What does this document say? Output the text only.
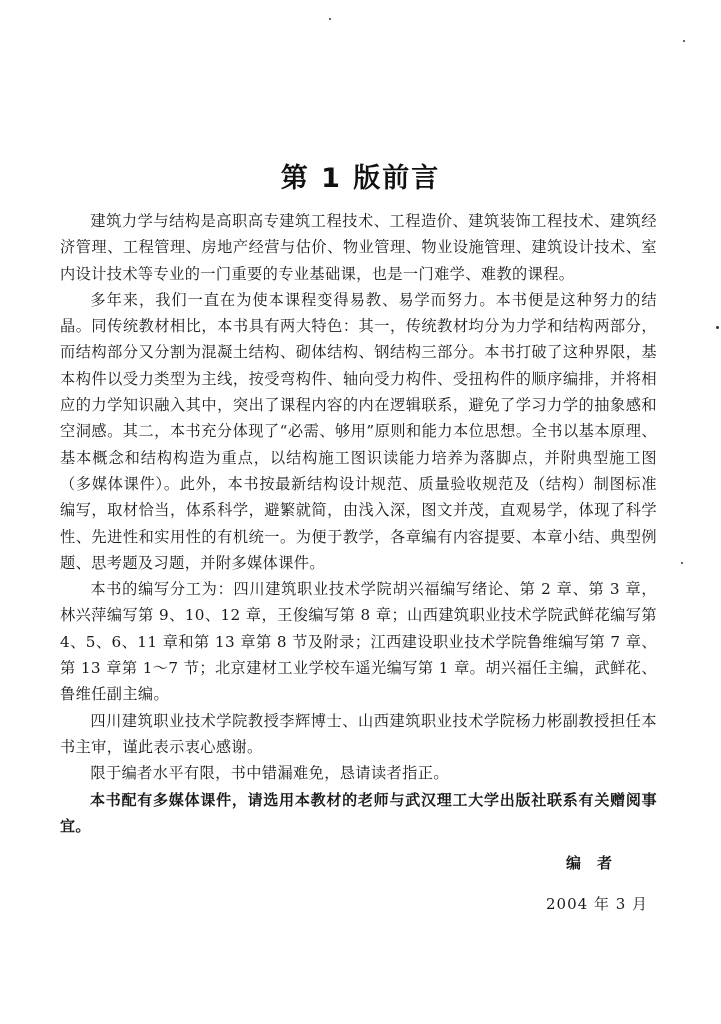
第 1 版前言

建筑力学与结构是高职高专建筑工程技术、工程造价、建筑装饰工程技术、建筑经济管理、工程管理、房地产经营与估价、物业管理、物业设施管理、建筑设计技术、室内设计技术等专业的一门重要的专业基础课，也是一门难学、难教的课程。

多年来，我们一直在为使本课程变得易教、易学而努力。本书便是这种努力的结晶。同传统教材相比，本书具有两大特色：其一，传统教材均分为力学和结构两部分，而结构部分又分割为混凝土结构、砌体结构、钢结构三部分。本书打破了这种界限，基本构件以受力类型为主线，按受弯构件、轴向受力构件、受扭构件的顺序编排，并将相应的力学知识融入其中，突出了课程内容的内在逻辑联系，避免了学习力学的抽象感和空洞感。其二，本书充分体现了“必需、够用”原则和能力本位思想。全书以基本原理、基本概念和结构构造为重点，以结构施工图识读能力培养为落脚点，并附典型施工图（多媒体课件）。此外，本书按最新结构设计规范、质量验收规范及（结构）制图标准编写，取材恰当，体系科学，避繁就简，由浅入深，图文并茂，直观易学，体现了科学性、先进性和实用性的有机统一。为便于教学，各章编有内容提要、本章小结、典型例题、思考题及习题，并附多媒体课件。

本书的编写分工为：四川建筑职业技术学院胡兴福编写绪论、第 2 章、第 3 章，林兴萍编写第 9、10、12 章，王俊编写第 8 章；山西建筑职业技术学院武鲜花编写第 4、5、6、11 章和第 13 章第 8 节及附录；江西建设职业技术学院鲁维编写第 7 章、第 13 章第 1～7 节；北京建材工业学校车遥光编写第 1 章。胡兴福任主编，武鲜花、鲁维任副主编。

四川建筑职业技术学院教授李辉博士、山西建筑职业技术学院杨力彬副教授担任本书主审，谨此表示衷心感谢。

限于编者水平有限，书中错漏难免，恳请读者指正。

本书配有多媒体课件，请选用本教材的老师与武汉理工大学出版社联系有关赠阅事宜。

编者
2004 年 3 月
